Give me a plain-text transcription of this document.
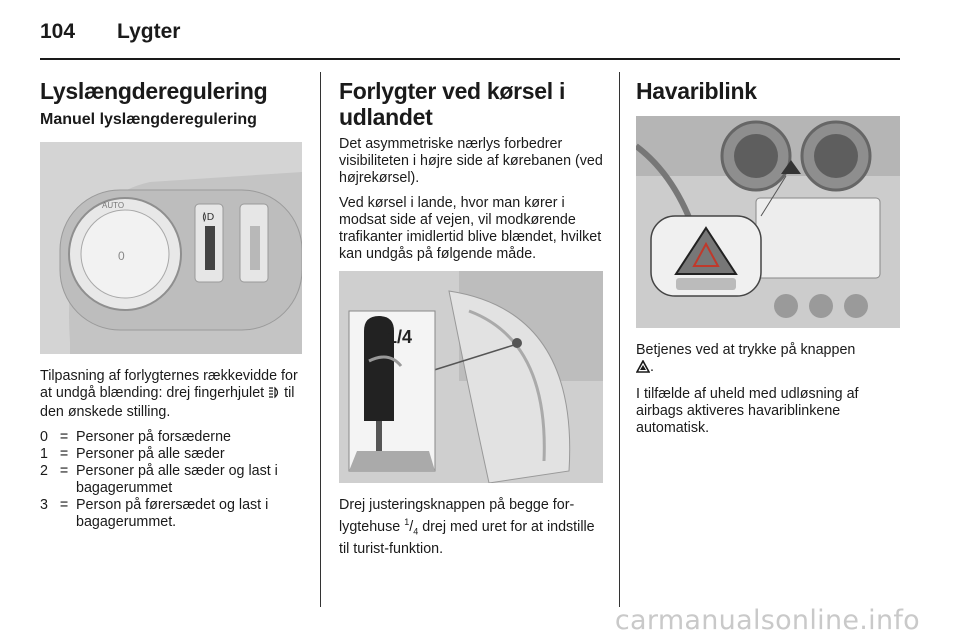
104 Lygter
Lyslængderegulering
Manuel lyslængderegulering
AUTO
0
≬D

Tilpasning af forlygternes rækkevidde for at undgå blænding: drej fingerhjulet til den ønskede stilling.

0 = Personer på forsæderne
1 = Personer på alle sæder
2 = Personer på alle sæder og last i bagagerummet
3 = Person på førersædet og last i bagagerummet.
Forlygter ved kørsel i udlandet

Det asymmetriske nærlys forbedrer visibiliteten i højre side af kørebanen (ved højrekørsel).

Ved kørsel i lande, hvor man kører i modsat side af vejen, vil modkørende trafikanter imidlertid blive blændet, hvilket kan undgås på følgende måde.

1/4

Drej justeringsknappen på begge forlygtehuse $^1/_4$ drej med uret for at indstille til turist-funktion.

Havariblink

Betjenes ved at trykke på knappen
.

I tilfælde af uheld med udløsning af airbags aktiveres havariblinkene automatisk.

carmanualsonline.info
